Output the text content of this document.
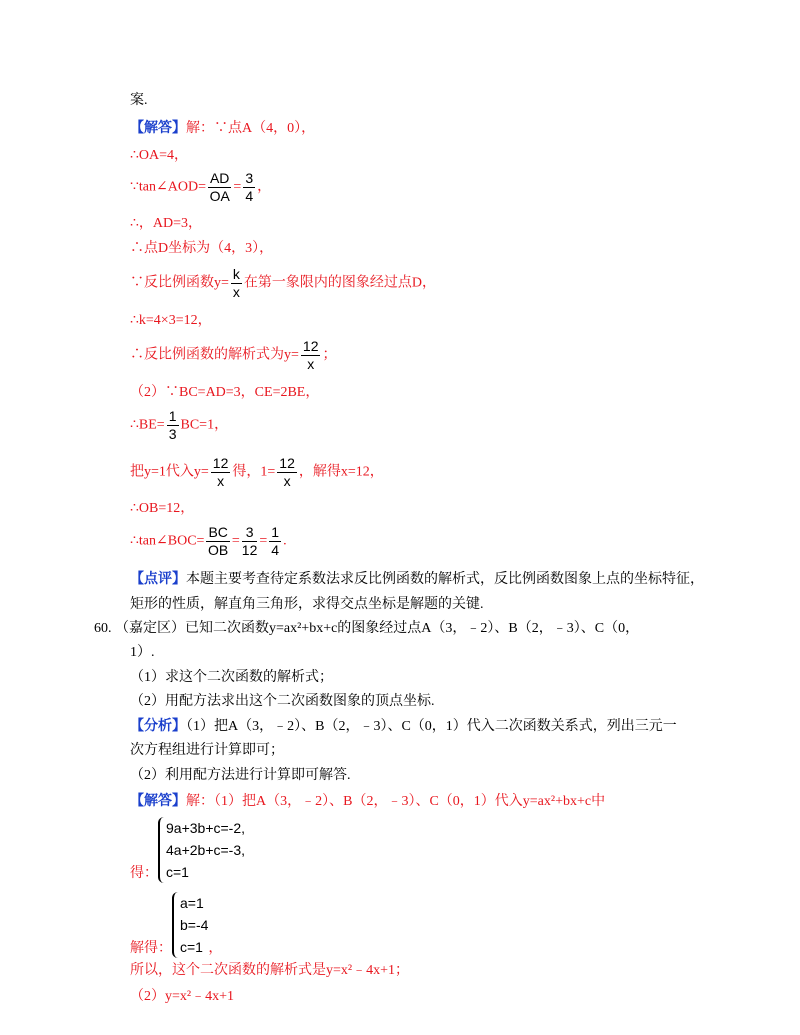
案.
【解答】解：∵点A（4，0），
∴OA=4，
∵tan∠AOD= $\frac{AD}{OA} = \frac{3}{4}$ ，
∴，AD=3，
∴点D坐标为（4，3），
∵反比例函数$y= \frac{k}{x}$ 在第一象限内的图象经过点D，
∴k=4×3=12，
∴反比例函数的解析式为$y= \frac{12}{x}$ ；
（2）∵BC=AD=3，CE=2BE，
∴BE= $\frac{1}{3} BC=1$，
把y=1代入$y= \frac{12}{x}$ 得，$1= \frac{12}{x}$ ，解得x=12，
∴OB=12，
∴tan∠BOC= $\frac{BC}{OB} = \frac{3}{12} = \frac{1}{4}$ .
【点评】本题主要考查待定系数法求反比例函数的解析式，反比例函数图象上点的坐标特征，
矩形的性质，解直角三角形，求得交点坐标是解题的关键.
60. （嘉定区）已知二次函数y=ax²+bx+c的图象经过点A（3，﹣2）、B（2，﹣3）、C（0，
1）.
（1）求这个二次函数的解析式；
（2）用配方法求出这个二次函数图象的顶点坐标.
【分析】（1）把A（3，﹣2）、B（2，﹣3）、C（0，1）代入二次函数关系式，列出三元一
次方程组进行计算即可；
（2）利用配方法进行计算即可解答.
【解答】解：（1）把A（3，﹣2）、B（2，﹣3）、C（0，1）代入y=ax²+bx+c中
得：
9a+3b+c=-2,
4a+2b+c=-3,
c=1
解得：
a=1
b=-4
c=1 ，
所以，这个二次函数的解析式是y=x²﹣4x+1；
（2）y=x²﹣4x+1
